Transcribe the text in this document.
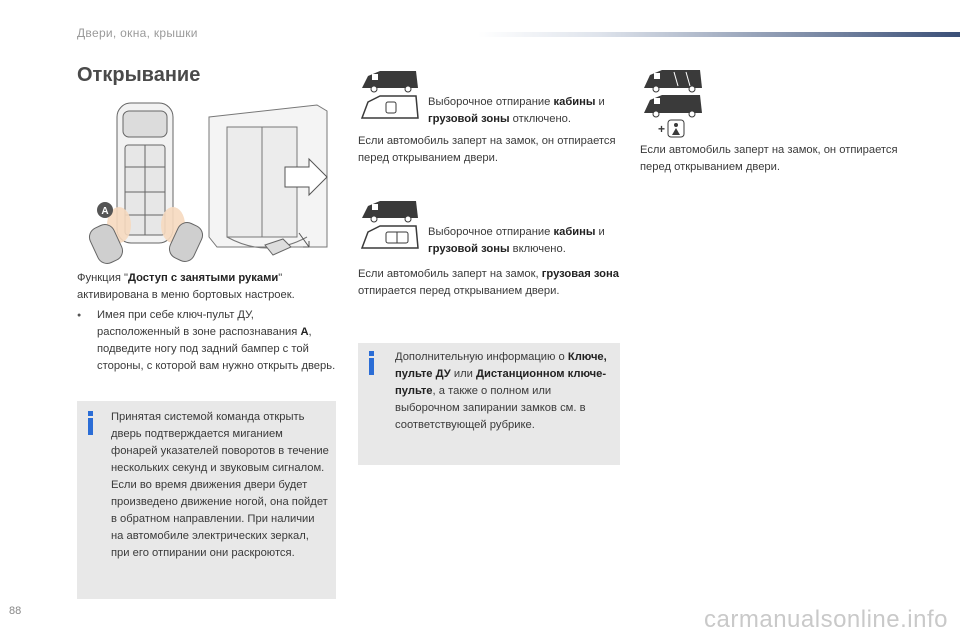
Двери, окна, крышки
Открывание
A
Функция "Доступ с занятыми руками" активирована в меню бортовых настроек.
● Имея при себе ключ-пульт ДУ, расположенный в зоне распознавания А, подведите ногу под задний бампер с той стороны, с которой вам нужно открыть дверь.
Принятая системой команда открыть дверь подтверждается миганием фонарей указателей поворотов в течение нескольких секунд и звуковым сигналом. Если во время движения двери будет произведено движение ногой, она пойдет в обратном направлении. При наличии на автомобиле электрических зеркал, при его отпирании они раскроются.
Выборочное отпирание кабины и грузовой зоны отключено.
Если автомобиль заперт на замок, он отпирается перед открыванием двери.
Выборочное отпирание кабины и грузовой зоны включено.
Если автомобиль заперт на замок, грузовая зона отпирается перед открыванием двери.
Дополнительную информацию о Ключе, пульте ДУ или Дистанционном ключе-пульте, а также о полном или выборочном запирании замков см. в соответствующей рубрике.
+
Если автомобиль заперт на замок, он отпирается перед открыванием двери.
88	carmanualsonline.info
